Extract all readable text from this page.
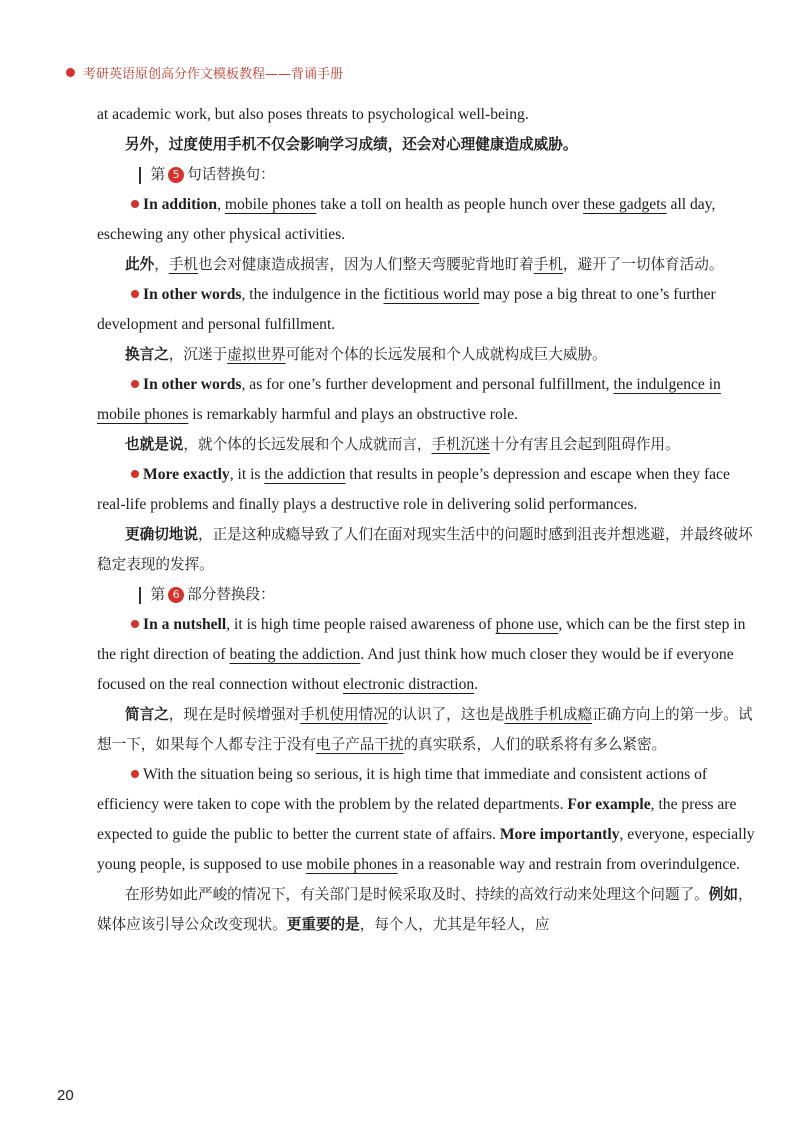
考研英语原创高分作文模板教程——背诵手册

at academic work, but also poses threats to psychological well-being.

另外，过度使用手机不仅会影响学习成绩，还会对心理健康造成威胁。

第 5 句话替换句：

In addition, mobile phones take a toll on health as people hunch over these gadgets all day, eschewing any other physical activities.

此外，手机也会对健康造成损害，因为人们整天弯腰驼背地盯着手机，避开了一切体育活动。

In other words, the indulgence in the fictitious world may pose a big threat to one’s further development and personal fulfillment.

换言之，沉迷于虚拟世界可能对个体的长远发展和个人成就构成巨大威胁。

In other words, as for one’s further development and personal fulfillment, the indulgence in mobile phones is remarkably harmful and plays an obstructive role.

也就是说，就个体的长远发展和个人成就而言，手机沉迷十分有害且会起到阻碍作用。

More exactly, it is the addiction that results in people’s depression and escape when they face real-life problems and finally plays a destructive role in delivering solid performances.

更确切地说，正是这种成瘾导致了人们在面对现实生活中的问题时感到沮丧并想逃避，并最终破坏稳定表现的发挥。

第 6 部分替换段：

In a nutshell, it is high time people raised awareness of phone use, which can be the first step in the right direction of beating the addiction. And just think how much closer they would be if everyone focused on the real connection without electronic distraction.

简言之，现在是时候增强对手机使用情况的认识了，这也是战胜手机成瘾正确方向上的第一步。试想一下，如果每个人都专注于没有电子产品干扰的真实联系，人们的联系将有多么紧密。

With the situation being so serious, it is high time that immediate and consistent actions of efficiency were taken to cope with the problem by the related departments. For example, the press are expected to guide the public to better the current state of affairs. More importantly, everyone, especially young people, is supposed to use mobile phones in a reasonable way and restrain from overindulgence.

在形势如此严峻的情况下，有关部门是时候采取及时、持续的高效行动来处理这个问题了。例如，媒体应该引导公众改变现状。更重要的是，每个人，尤其是年轻人，应

20
